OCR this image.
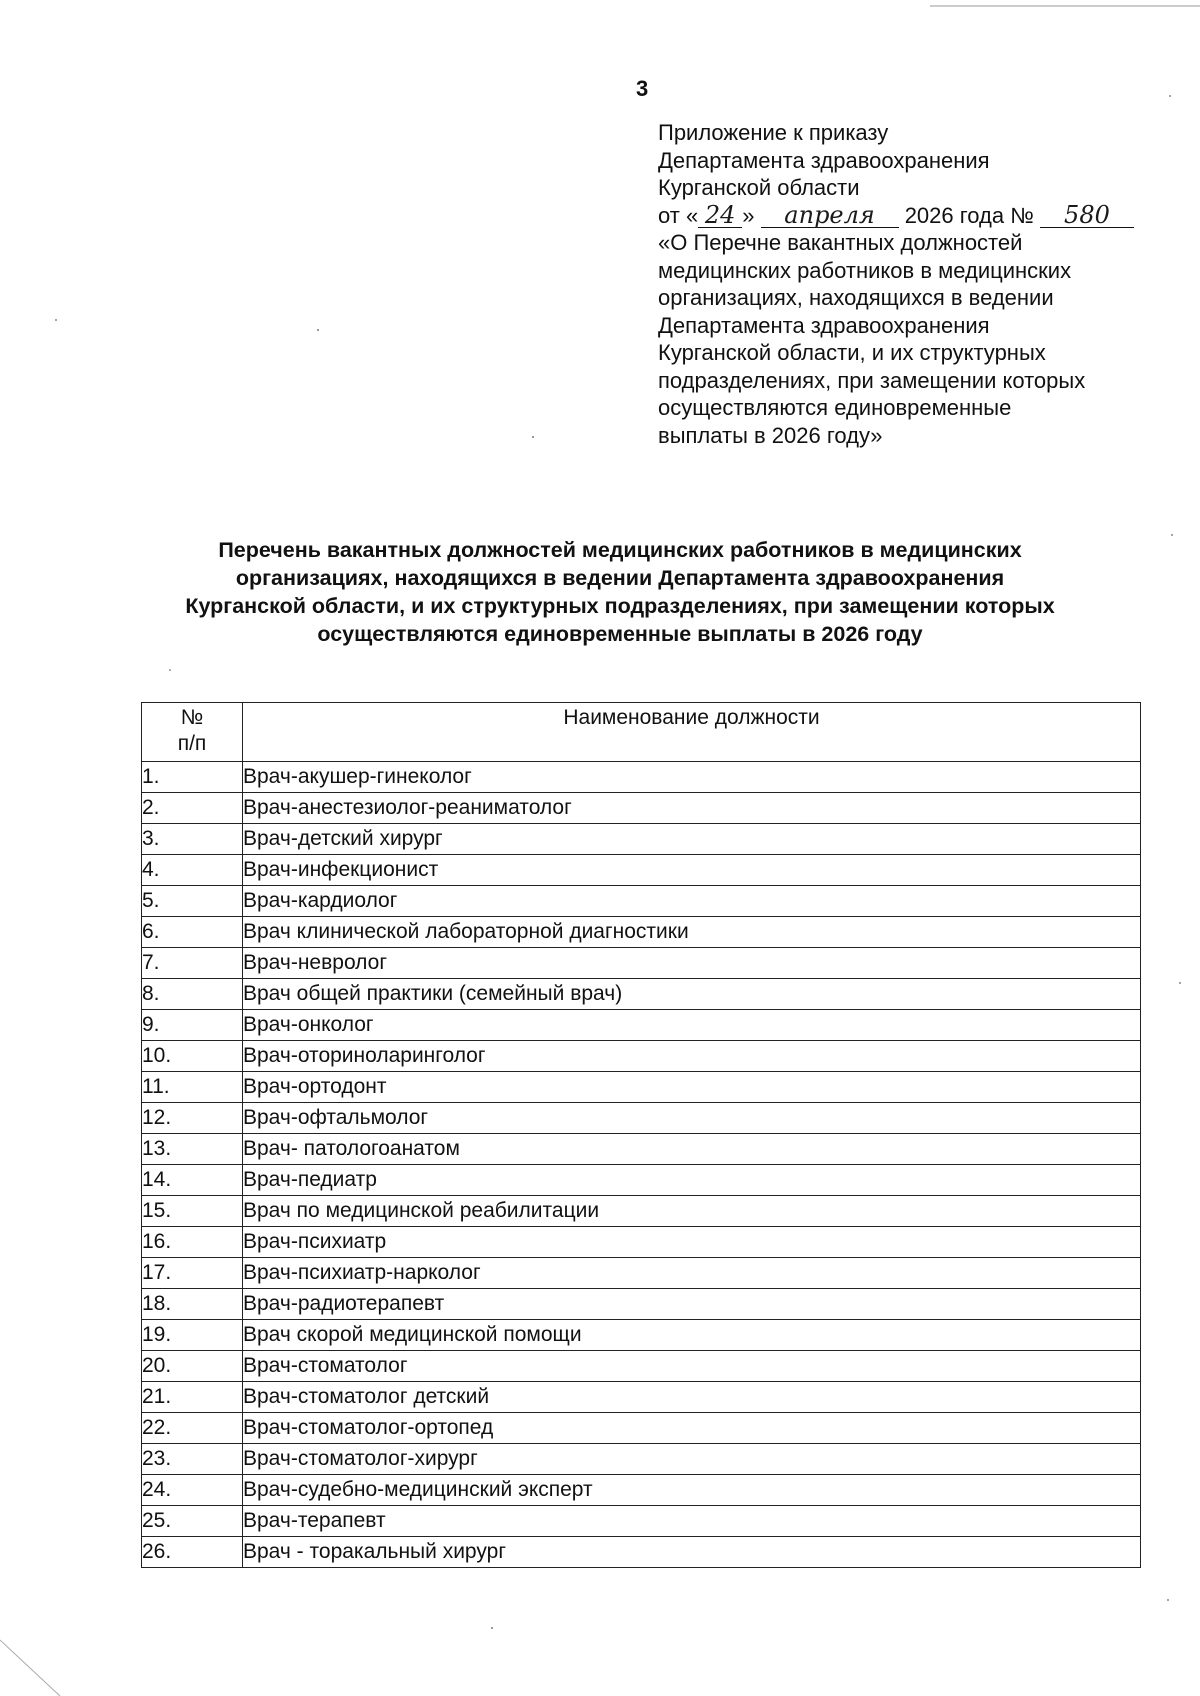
3
Приложение к приказу
Департамента здравоохранения
Курганской области
от « 24 » апреля 2026 года № 580
«О Перечне вакантных должностей
медицинских работников в медицинских
организациях, находящихся в ведении
Департамента здравоохранения
Курганской области, и их структурных
подразделениях, при замещении которых
осуществляются единовременные
выплаты в 2026 году»
Перечень вакантных должностей медицинских работников в медицинских
организациях, находящихся в ведении Департамента здравоохранения
Курганской области, и их структурных подразделениях, при замещении которых
осуществляются единовременные выплаты в 2026 году
№
п/п	Наименование должности
1.	Врач-акушер-гинеколог
2.	Врач-анестезиолог-реаниматолог
3.	Врач-детский хирург
4.	Врач-инфекционист
5.	Врач-кардиолог
6.	Врач клинической лабораторной диагностики
7.	Врач-невролог
8.	Врач общей практики (семейный врач)
9.	Врач-онколог
10.	Врач-оториноларинголог
11.	Врач-ортодонт
12.	Врач-офтальмолог
13.	Врач- патологоанатом
14.	Врач-педиатр
15.	Врач по медицинской реабилитации
16.	Врач-психиатр
17.	Врач-психиатр-нарколог
18.	Врач-радиотерапевт
19.	Врач скорой медицинской помощи
20.	Врач-стоматолог
21.	Врач-стоматолог детский
22.	Врач-стоматолог-ортопед
23.	Врач-стоматолог-хирург
24.	Врач-судебно-медицинский эксперт
25.	Врач-терапевт
26.	Врач - торакальный хирург
